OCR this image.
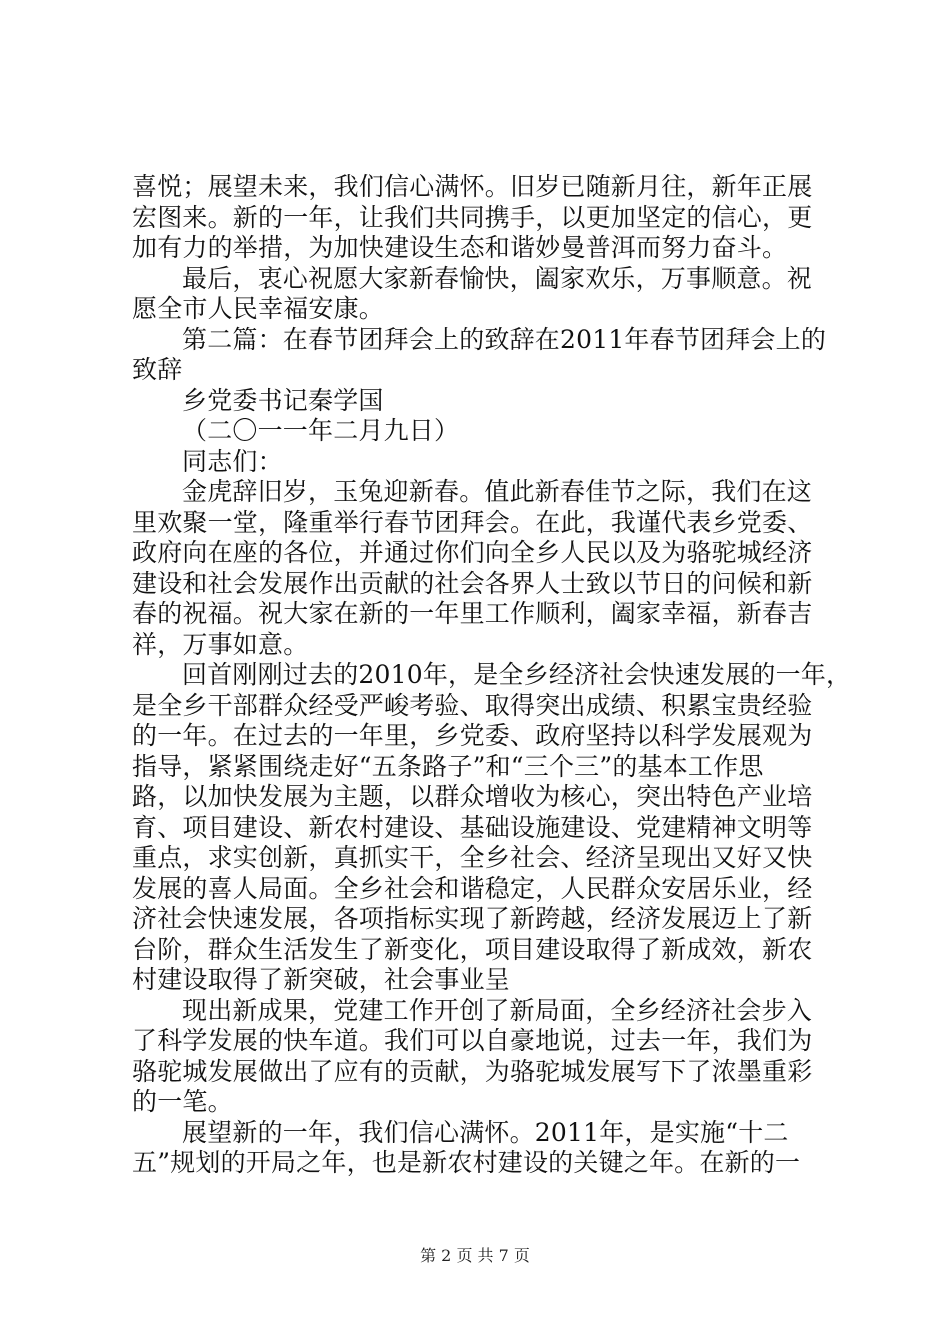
喜悦；展望未来，我们信心满怀。旧岁已随新月往，新年正展
宏图来。新的一年，让我们共同携手，以更加坚定的信心，更
加有力的举措，为加快建设生态和谐妙曼普洱而努力奋斗。
最后，衷心祝愿大家新春愉快，阖家欢乐，万事顺意。祝
愿全市人民幸福安康。
第二篇：在春节团拜会上的致辞在2011年春节团拜会上的
致辞
乡党委书记秦学国
（二〇一一年二月九日）
同志们：
金虎辞旧岁，玉兔迎新春。值此新春佳节之际，我们在这
里欢聚一堂，隆重举行春节团拜会。在此，我谨代表乡党委、
政府向在座的各位，并通过你们向全乡人民以及为骆驼城经济
建设和社会发展作出贡献的社会各界人士致以节日的问候和新
春的祝福。祝大家在新的一年里工作顺利，阖家幸福，新春吉
祥，万事如意。
回首刚刚过去的2010年，是全乡经济社会快速发展的一年，
是全乡干部群众经受严峻考验、取得突出成绩、积累宝贵经验
的一年。在过去的一年里，乡党委、政府坚持以科学发展观为
指导，紧紧围绕走好“五条路子”和“三个三”的基本工作思
路，以加快发展为主题，以群众增收为核心，突出特色产业培
育、项目建设、新农村建设、基础设施建设、党建精神文明等
重点，求实创新，真抓实干，全乡社会、经济呈现出又好又快
发展的喜人局面。全乡社会和谐稳定，人民群众安居乐业，经
济社会快速发展，各项指标实现了新跨越，经济发展迈上了新
台阶，群众生活发生了新变化，项目建设取得了新成效，新农
村建设取得了新突破，社会事业呈
现出新成果，党建工作开创了新局面，全乡经济社会步入
了科学发展的快车道。我们可以自豪地说，过去一年，我们为
骆驼城发展做出了应有的贡献，为骆驼城发展写下了浓墨重彩
的一笔。
展望新的一年，我们信心满怀。2011年，是实施“十二
五”规划的开局之年，也是新农村建设的关键之年。在新的一
第 2 页 共 7 页
